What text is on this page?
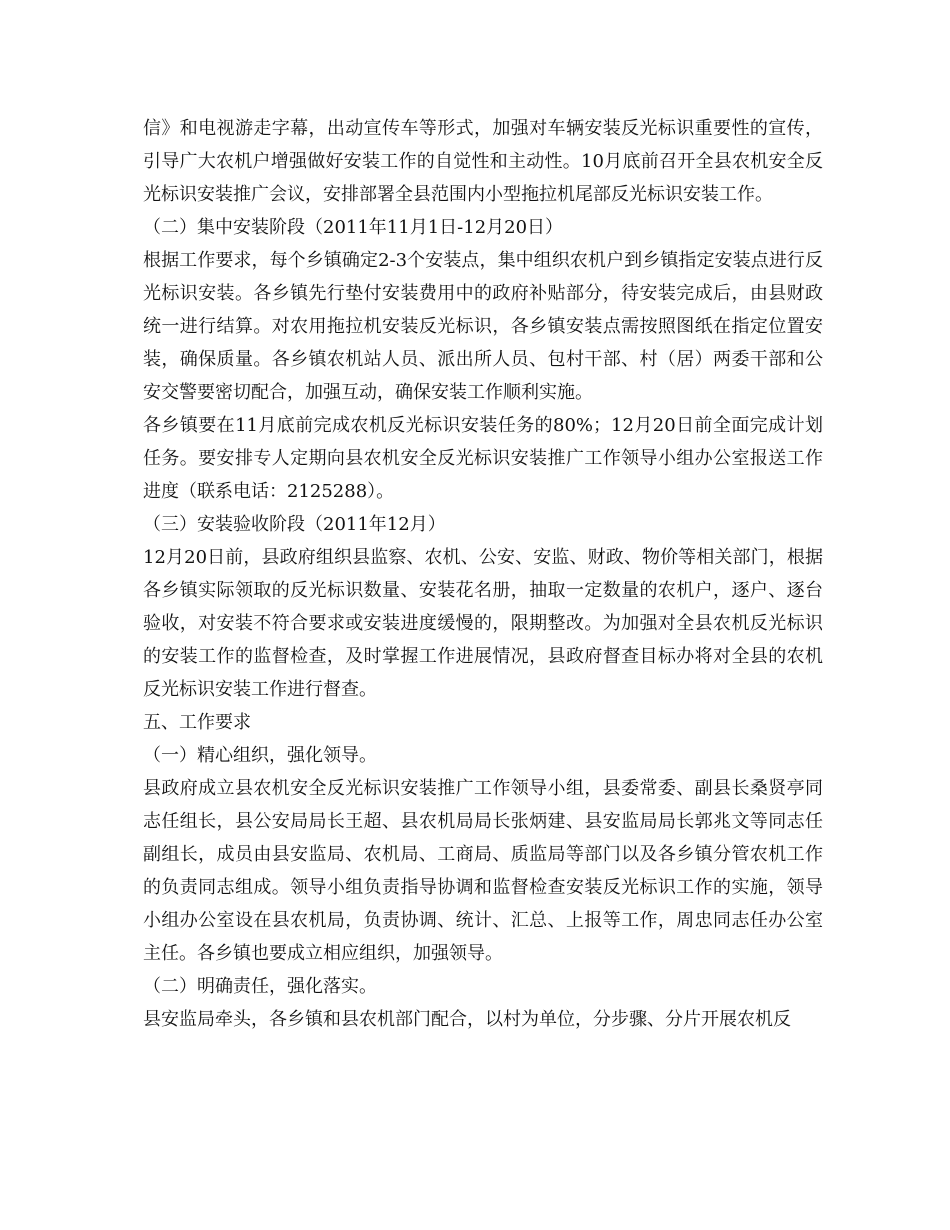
信》和电视游走字幕，出动宣传车等形式，加强对车辆安装反光标识重要性的宣传，引导广大农机户增强做好安装工作的自觉性和主动性。10月底前召开全县农机安全反光标识安装推广会议，安排部署全县范围内小型拖拉机尾部反光标识安装工作。

（二）集中安装阶段（2011年11月1日-12月20日）

根据工作要求，每个乡镇确定2-3个安装点，集中组织农机户到乡镇指定安装点进行反光标识安装。各乡镇先行垫付安装费用中的政府补贴部分，待安装完成后，由县财政统一进行结算。对农用拖拉机安装反光标识，各乡镇安装点需按照图纸在指定位置安装，确保质量。各乡镇农机站人员、派出所人员、包村干部、村（居）两委干部和公安交警要密切配合，加强互动，确保安装工作顺利实施。

各乡镇要在11月底前完成农机反光标识安装任务的80%；12月20日前全面完成计划任务。要安排专人定期向县农机安全反光标识安装推广工作领导小组办公室报送工作进度（联系电话：2125288）。

（三）安装验收阶段（2011年12月）

12月20日前，县政府组织县监察、农机、公安、安监、财政、物价等相关部门，根据各乡镇实际领取的反光标识数量、安装花名册，抽取一定数量的农机户，逐户、逐台验收，对安装不符合要求或安装进度缓慢的，限期整改。为加强对全县农机反光标识的安装工作的监督检查，及时掌握工作进展情况，县政府督查目标办将对全县的农机反光标识安装工作进行督查。

五、工作要求

（一）精心组织，强化领导。

县政府成立县农机安全反光标识安装推广工作领导小组，县委常委、副县长桑贤亭同志任组长，县公安局局长王超、县农机局局长张炳建、县安监局局长郭兆文等同志任副组长，成员由县安监局、农机局、工商局、质监局等部门以及各乡镇分管农机工作的负责同志组成。领导小组负责指导协调和监督检查安装反光标识工作的实施，领导小组办公室设在县农机局，负责协调、统计、汇总、上报等工作，周忠同志任办公室主任。各乡镇也要成立相应组织，加强领导。

（二）明确责任，强化落实。

县安监局牵头，各乡镇和县农机部门配合，以村为单位，分步骤、分片开展农机反
